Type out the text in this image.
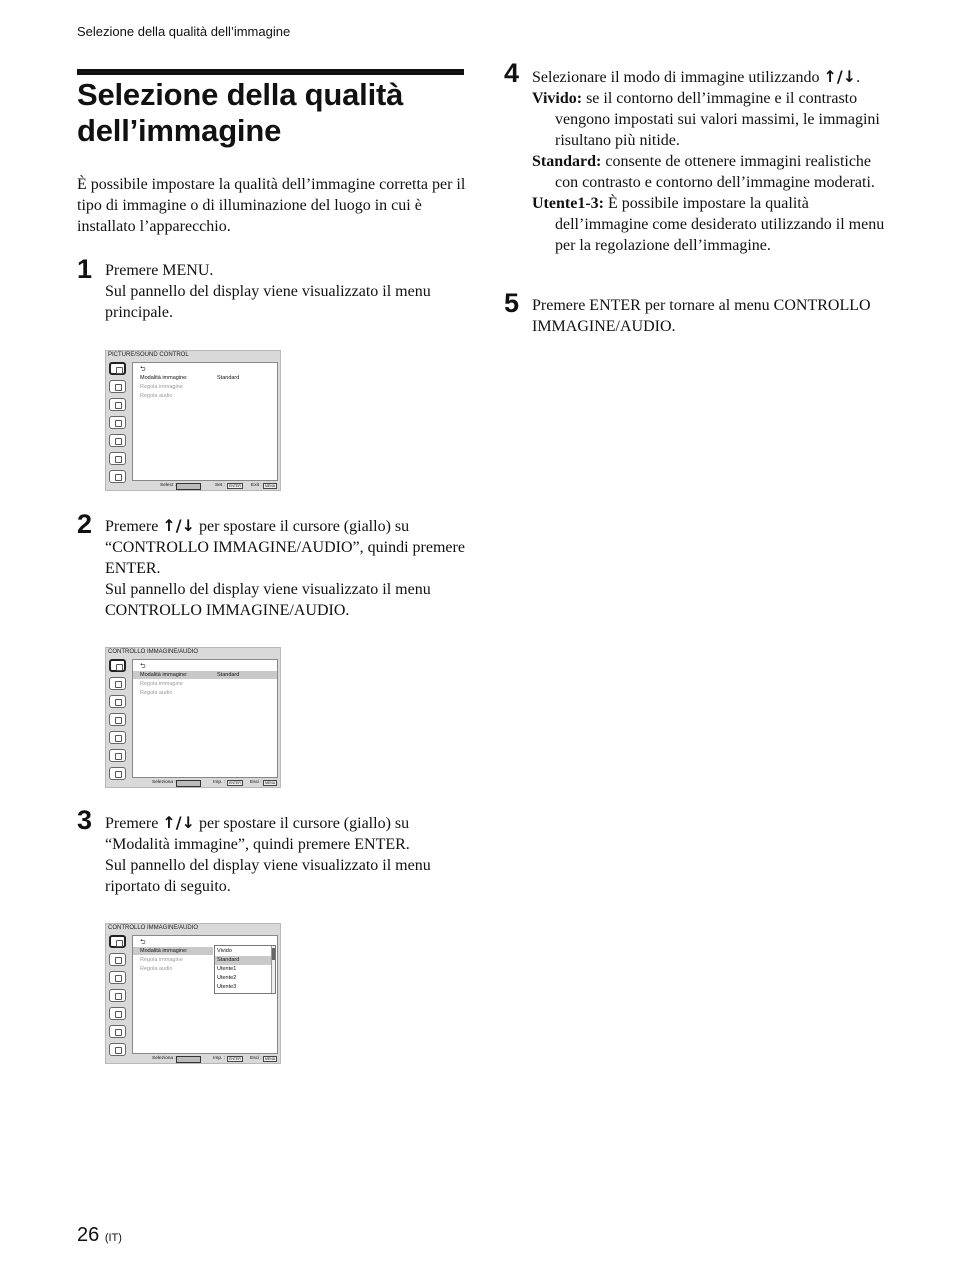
Selezione della qualità dell’immagine
Selezione della qualità dell’immagine

È possibile impostare la qualità dell’immagine corretta per il tipo di immagine o di illuminazione del luogo in cui è installato l’apparecchio.

1 Premere MENU.

Sul pannello del display viene visualizzato il menu principale.

PICTURE/SOUND CONTROL
⮌
Modalità immagine:	Standard
Regola immagine
Regola audio
Select :	Set :	ENTER	Exit : MENU
2 Premere ↑/↓ per spostare il cursore (giallo) su “CONTROLLO IMMAGINE/AUDIO”, quindi premere ENTER.

Sul pannello del display viene visualizzato il menu CONTROLLO IMMAGINE/AUDIO.

CONTROLLO IMMAGINE/AUDIO
⮌
Modalità immagine:	Standard
Regola immagine
Regola audio
Seleziona :	Imp. :	ENTER	Esci : MENU
3 Premere ↑/↓ per spostare il cursore (giallo) su “Modalità immagine”, quindi premere ENTER.

Sul pannello del display viene visualizzato il menu riportato di seguito.

CONTROLLO IMMAGINE/AUDIO
⮌
Modalità immagine:
Regola immagine
Regola audio
Vivido
Standard
Utente1
Utente2
Utente3
Seleziona :	Imp. :	ENTER	Esci : MENU
4 Selezionare il modo di immagine utilizzando ↑/↓.

Vivido: se il contorno dell’immagine e il contrasto vengono impostati sui valori massimi, le immagini risultano più nitide.

Standard: consente de ottenere immagini realistiche con contrasto e contorno dell’immagine moderati.

Utente1-3: È possibile impostare la qualità dell’immagine come desiderato utilizzando il menu per la regolazione dell’immagine.

5 Premere ENTER per tornare al menu CONTROLLO IMMAGINE/AUDIO.
26 (IT)
